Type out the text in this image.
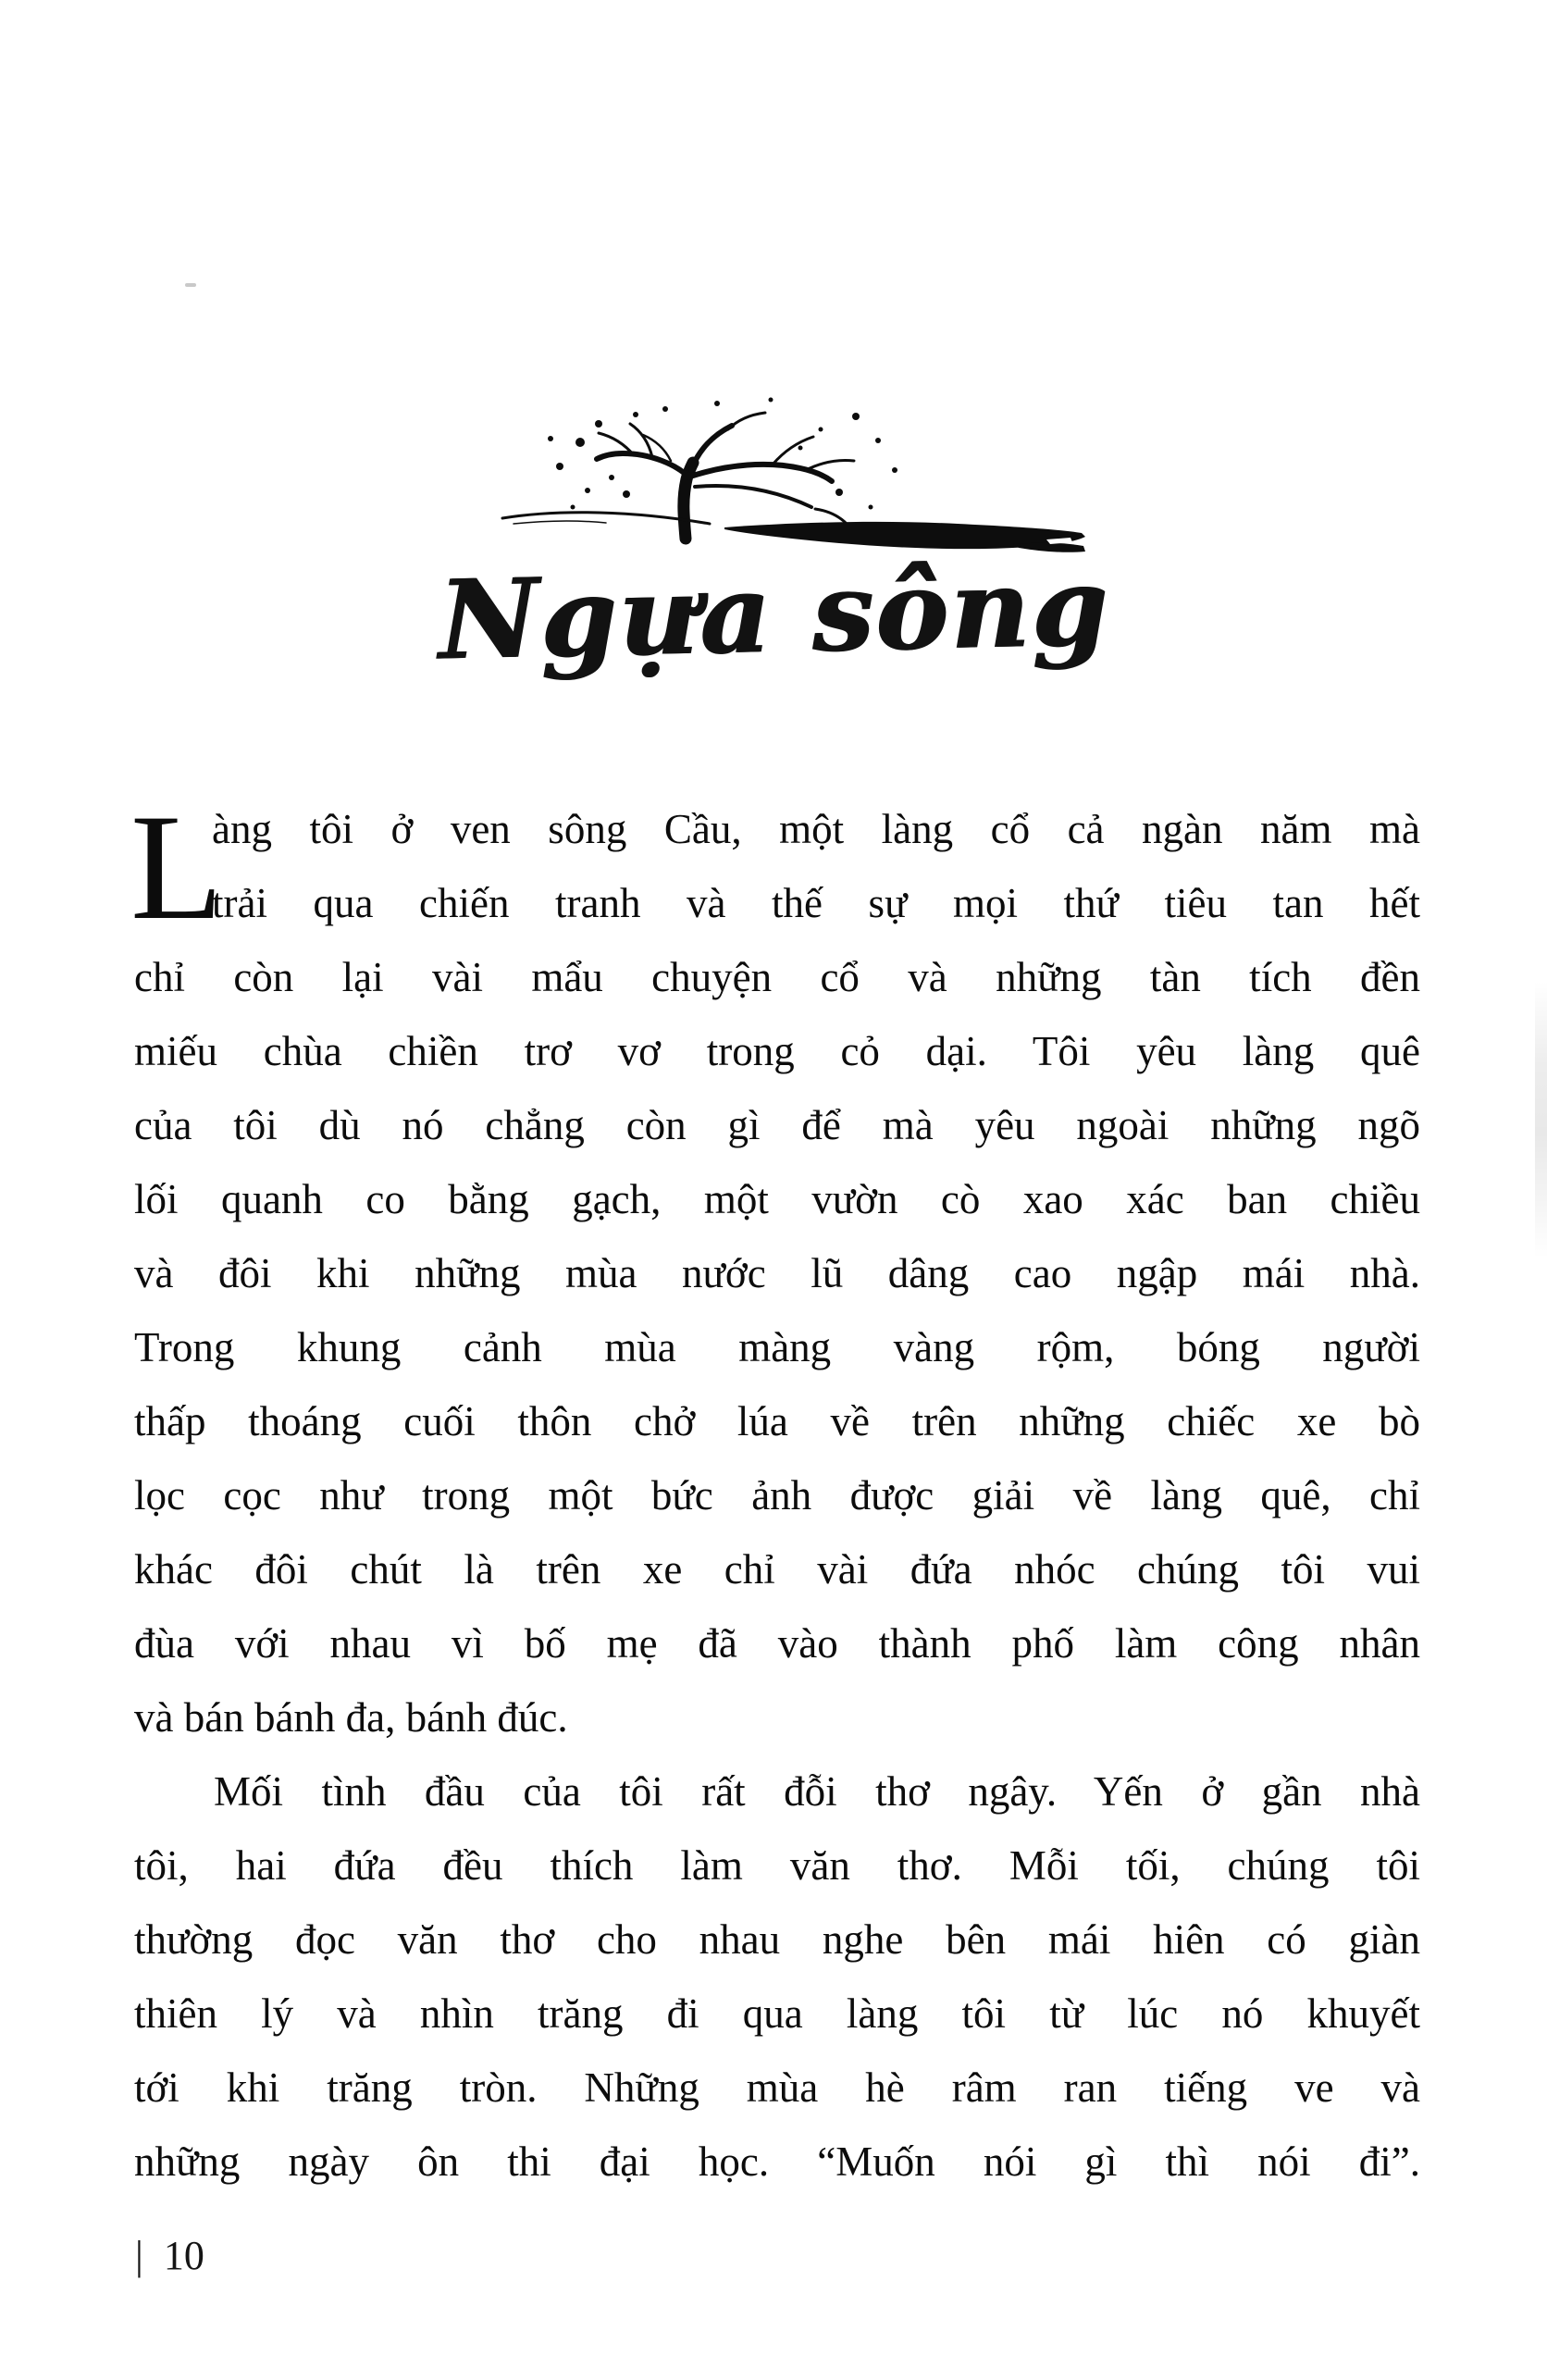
Ngựa sông
L
àng tôi ở ven sông Cầu, một làng cổ cả ngàn năm mà
trải qua chiến tranh và thế sự mọi thứ tiêu tan hết
chỉ còn lại vài mẩu chuyện cổ và những tàn tích đền
miếu chùa chiền trơ vơ trong cỏ dại. Tôi yêu làng quê
của tôi dù nó chẳng còn gì để mà yêu ngoài những ngõ
lối quanh co bằng gạch, một vườn cò xao xác ban chiều
và đôi khi những mùa nước lũ dâng cao ngập mái nhà.
Trong khung cảnh mùa màng vàng rộm, bóng người
thấp thoáng cuối thôn chở lúa về trên những chiếc xe bò
lọc cọc như trong một bức ảnh được giải về làng quê, chỉ
khác đôi chút là trên xe chỉ vài đứa nhóc chúng tôi vui
đùa với nhau vì bố mẹ đã vào thành phố làm công nhân
và bán bánh đa, bánh đúc.
Mối tình đầu của tôi rất đỗi thơ ngây. Yến ở gần nhà
tôi, hai đứa đều thích làm văn thơ. Mỗi tối, chúng tôi
thường đọc văn thơ cho nhau nghe bên mái hiên có giàn
thiên lý và nhìn trăng đi qua làng tôi từ lúc nó khuyết
tới khi trăng tròn. Những mùa hè râm ran tiếng ve và
những ngày ôn thi đại học. “Muốn nói gì thì nói đi”.
| 10
